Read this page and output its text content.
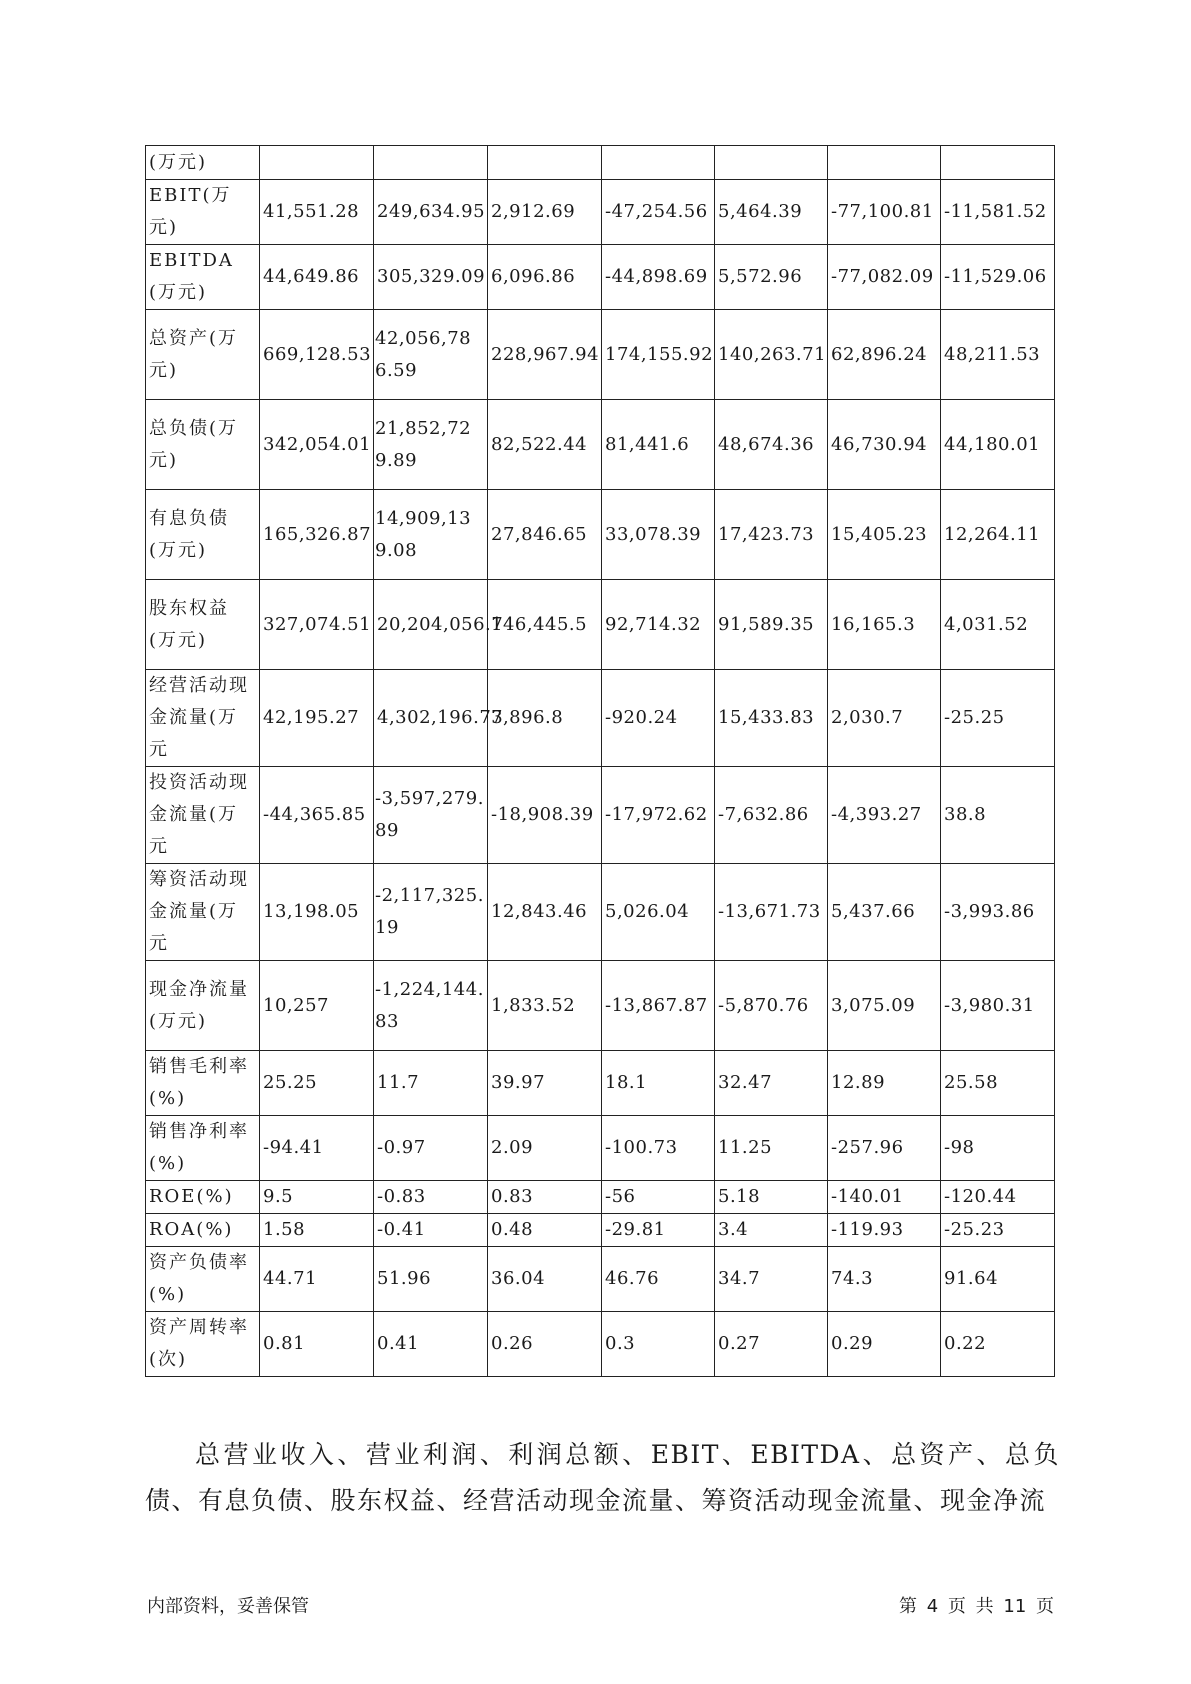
(万元)							
EBIT(万元)	41,551.28	249,634.95	2,912.69	-47,254.56	5,464.39	-77,100.81	-11,581.52
EBITDA(万元)	44,649.86	305,329.09	6,096.86	-44,898.69	5,572.96	-77,082.09	-11,529.06
总资产(万元)	669,128.53	42,056,786.59	228,967.94	174,155.92	140,263.71	62,896.24	48,211.53
总负债(万元)	342,054.01	21,852,729.89	82,522.44	81,441.6	48,674.36	46,730.94	44,180.01
有息负债(万元)	165,326.87	14,909,139.08	27,846.65	33,078.39	17,423.73	15,405.23	12,264.11
股东权益(万元)	327,074.51	20,204,056.7	146,445.5	92,714.32	91,589.35	16,165.3	4,031.52
经营活动现金流量(万元	42,195.27	4,302,196.73	7,896.8	-920.24	15,433.83	2,030.7	-25.25
投资活动现金流量(万元	-44,365.85	-3,597,279.89	-18,908.39	-17,972.62	-7,632.86	-4,393.27	38.8
筹资活动现金流量(万元	13,198.05	-2,117,325.19	12,843.46	5,026.04	-13,671.73	5,437.66	-3,993.86
现金净流量(万元)	10,257	-1,224,144.83	1,833.52	-13,867.87	-5,870.76	3,075.09	-3,980.31
销售毛利率(%)	25.25	11.7	39.97	18.1	32.47	12.89	25.58
销售净利率(%)	-94.41	-0.97	2.09	-100.73	11.25	-257.96	-98
ROE(%)	9.5	-0.83	0.83	-56	5.18	-140.01	-120.44
ROA(%)	1.58	-0.41	0.48	-29.81	3.4	-119.93	-25.23
资产负债率(%)	44.71	51.96	36.04	46.76	34.7	74.3	91.64
资产周转率(次)	0.81	0.41	0.26	0.3	0.27	0.29	0.22

总营业收入、营业利润、利润总额、EBIT、EBITDA、总资产、总负债、有息负债、股东权益、经营活动现金流量、筹资活动现金流量、现金净流

内部资料，妥善保管	第 4 页 共 11 页
